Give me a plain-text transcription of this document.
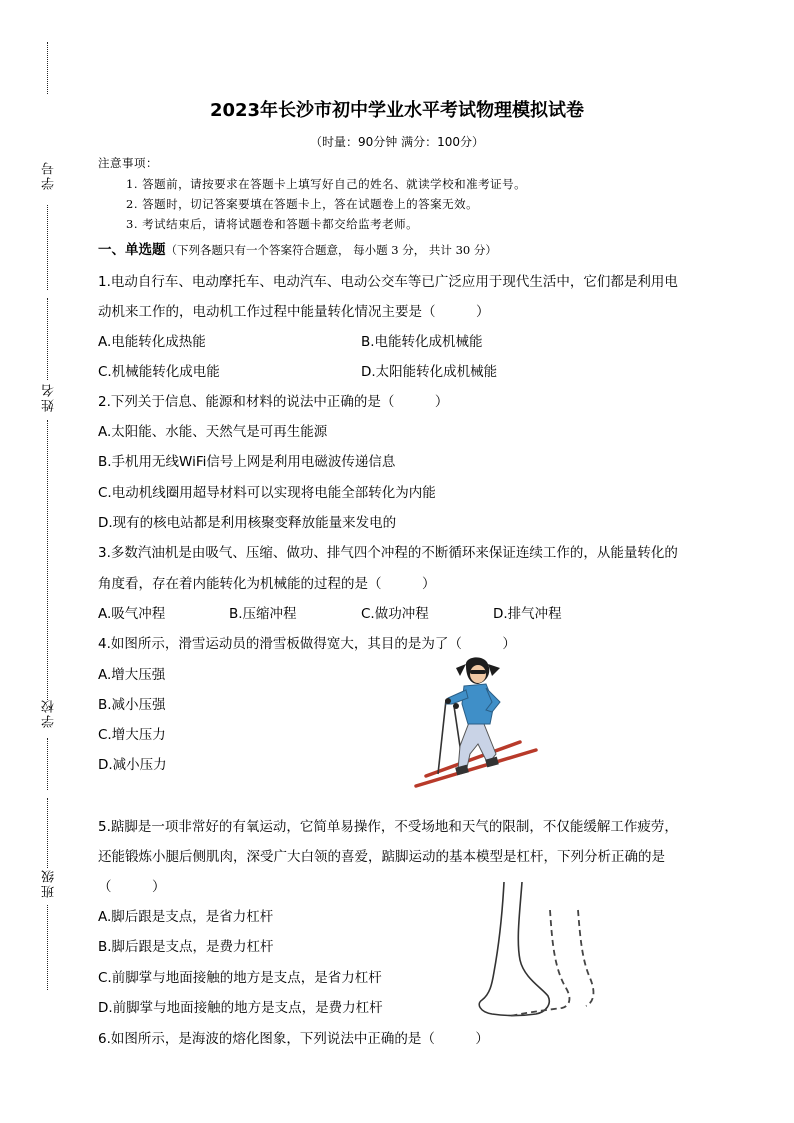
学号
姓名
学校
班级
2023年长沙市初中学业水平考试物理模拟试卷
（时量：90分钟 满分：100分）
注意事项：
1. 答题前，请按要求在答题卡上填写好自己的姓名、就读学校和准考证号。
2. 答题时，切记答案要填在答题卡上，答在试题卷上的答案无效。
3. 考试结束后，请将试题卷和答题卡都交给监考老师。
一、单选题（下列各题只有一个答案符合题意， 每小题 3 分， 共计 30 分）
1.电动自行车、电动摩托车、电动汽车、电动公交车等已广泛应用于现代生活中，它们都是利用电
动机来工作的，电动机工作过程中能量转化情况主要是（　　　）
A.电能转化成热能	B.电能转化成机械能
C.机械能转化成电能	D.太阳能转化成机械能
2.下列关于信息、能源和材料的说法中正确的是（　　　）
A.太阳能、水能、天然气是可再生能源
B.手机用无线WiFi信号上网是利用电磁波传递信息
C.电动机线圈用超导材料可以实现将电能全部转化为内能
D.现有的核电站都是利用核聚变释放能量来发电的
3.多数汽油机是由吸气、压缩、做功、排气四个冲程的不断循环来保证连续工作的，从能量转化的
角度看，存在着内能转化为机械能的过程的是（　　　）
A.吸气冲程	B.压缩冲程	C.做功冲程	D.排气冲程
4.如图所示，滑雪运动员的滑雪板做得宽大，其目的是为了（　　　）
A.增大压强
B.减小压强
C.增大压力
D.减小压力
5.踮脚是一项非常好的有氧运动，它简单易操作，不受场地和天气的限制，不仅能缓解工作疲劳，
还能锻炼小腿后侧肌肉，深受广大白领的喜爱，踮脚运动的基本模型是杠杆，下列分析正确的是
（　　　）
A.脚后跟是支点，是省力杠杆
B.脚后跟是支点，是费力杠杆
C.前脚掌与地面接触的地方是支点，是省力杠杆
D.前脚掌与地面接触的地方是支点，是费力杠杆
6.如图所示，是海波的熔化图象，下列说法中正确的是（　　　）
